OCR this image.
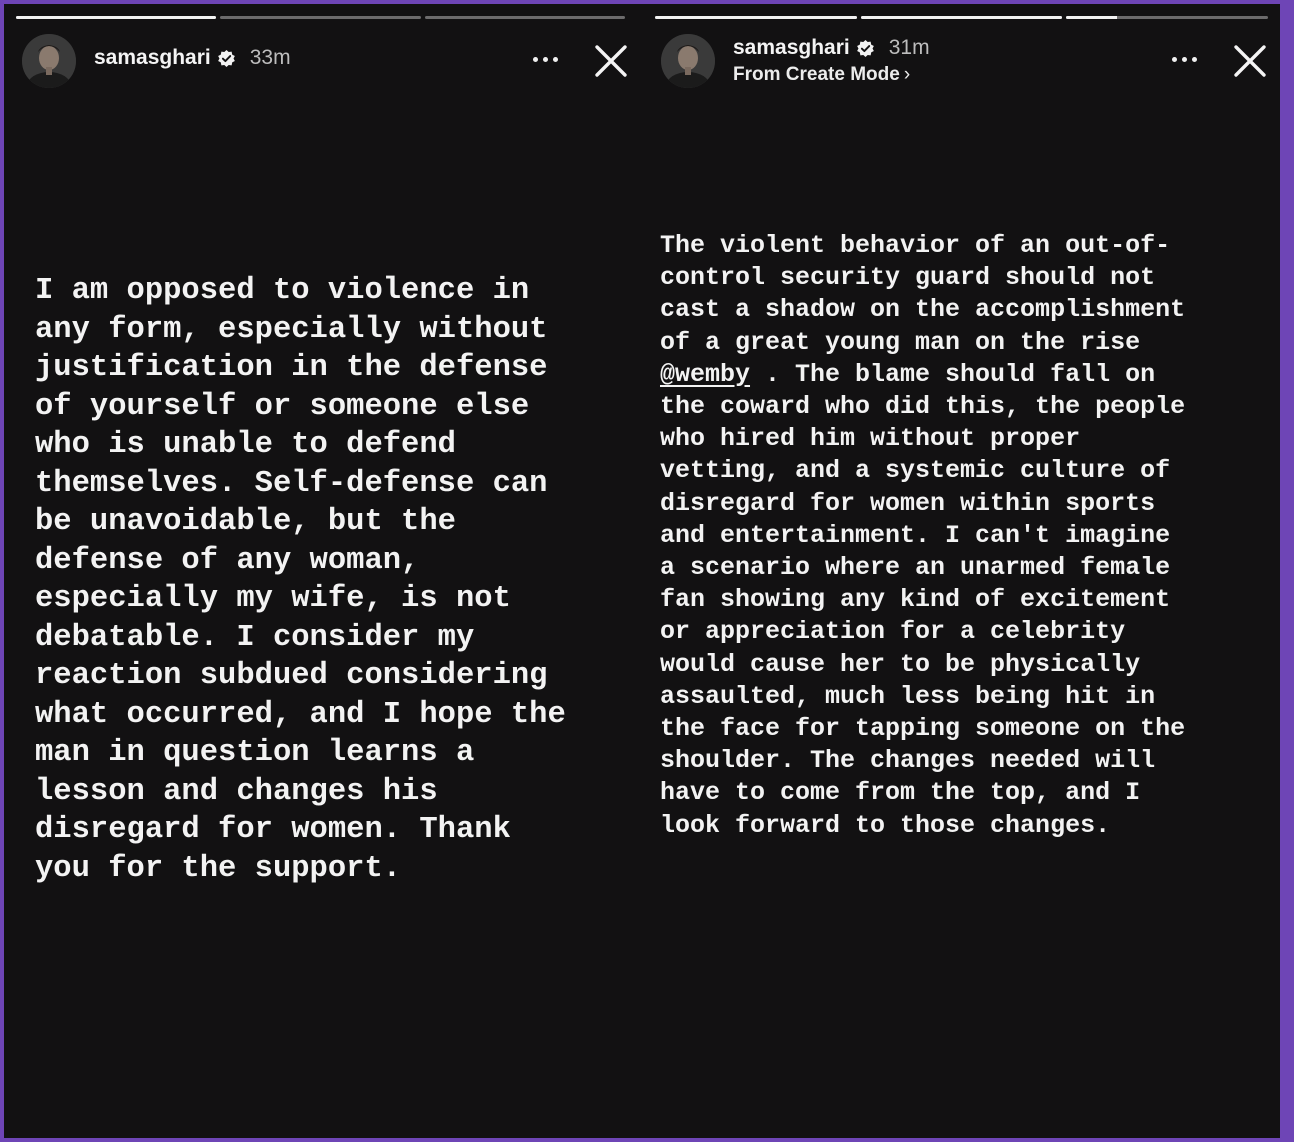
samasghari 33m

I am opposed to violence in
any form, especially without
justification in the defense
of yourself or someone else
who is unable to defend
themselves. Self-defense can
be unavoidable, but the
defense of any woman,
especially my wife, is not
debatable. I consider my
reaction subdued considering
what occurred, and I hope the
man in question learns a
lesson and changes his
disregard for women. Thank
you for the support.

samasghari 31m
From Create Mode ›

The violent behavior of an out-of-
control security guard should not
cast a shadow on the accomplishment
of a great young man on the rise
@wemby . The blame should fall on
the coward who did this, the people
who hired him without proper
vetting, and a systemic culture of
disregard for women within sports
and entertainment. I can't imagine
a scenario where an unarmed female
fan showing any kind of excitement
or appreciation for a celebrity
would cause her to be physically
assaulted, much less being hit in
the face for tapping someone on the
shoulder. The changes needed will
have to come from the top, and I
look forward to those changes.
